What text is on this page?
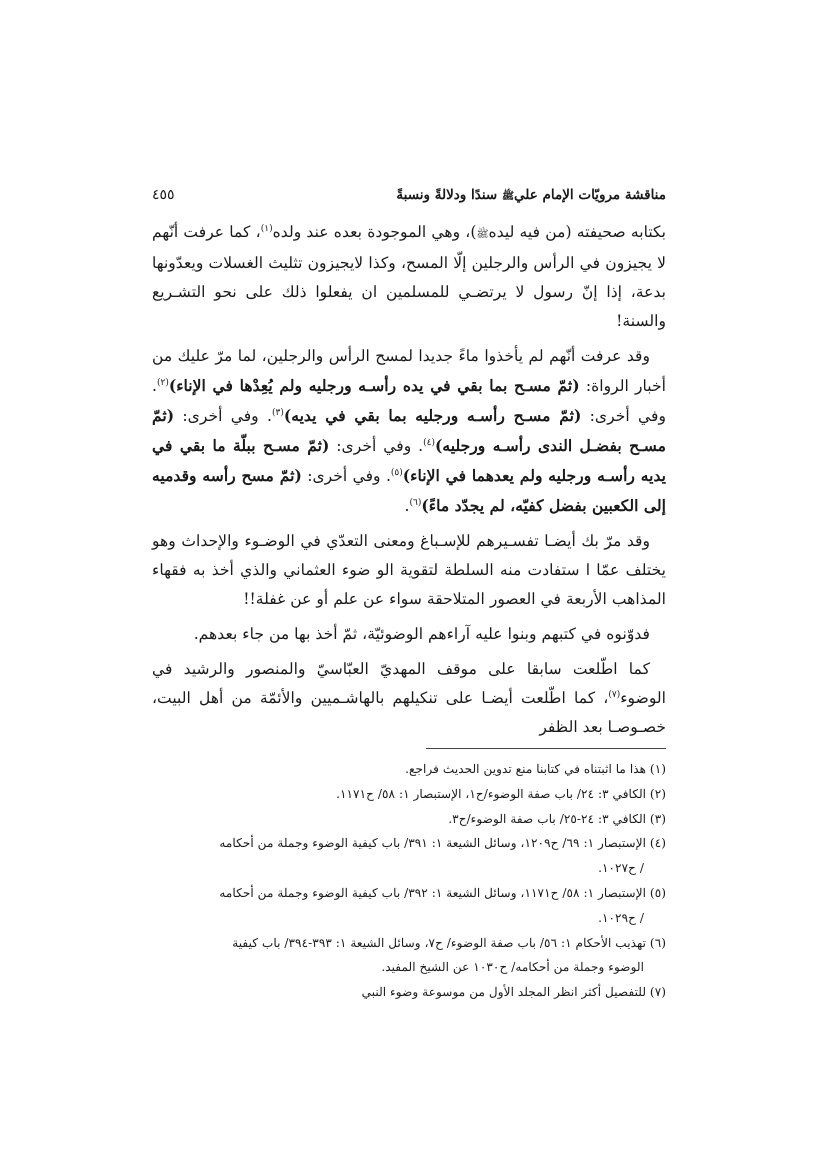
مناقشة مرويّات الإمام عليﷺ سندًا ودلالةً ونسبةً
٤٥٥

بكتابه صحيفته (من فيه ليدهﷺ)، وهي الموجودة بعده عند ولده$^{(١)}$، كما عرفت أنّهم لا يجيزون في الرأس والرجلين إلّا المسح، وكذا لايجيزون تثليث الغسلات ويعدّونها بدعة، إذا إنّ رسول لا يرتضـي للمسلمين ان يفعلوا ذلك على نحو التشـريع والسنة!

وقد عرفت أنّهم لم يأخذوا ماءً جديدا لمسح الرأس والرجلين، لما مرّ عليك من أخبار الرواة: (ثمّ مسـح بما بقي في يده رأسـه ورجليه ولم يُعِدْها في الإناء)$^{(٢)}$. وفي أخرى: (ثمّ مسـح رأسـه ورجليه بما بقي في يديه)$^{(٣)}$. وفي أخرى: (ثمّ مسـح بفضـل الندى رأسـه ورجليه)$^{(٤)}$. وفي أخرى: (ثمّ مسـح ببلّة ما بقي في يديه رأسـه ورجليه ولم يعدهما في الإناء)$^{(٥)}$. وفي أخرى: (ثمّ مسح رأسه وقدميه إلى الكعبين بفضل كفيّه، لم يجدّد ماءً)$^{(٦)}$.

وقد مرّ بك أيضـا تفسـيرهم للإسـباغ ومعنى التعدّي في الوضـوء والإحداث وهو يختلف عمّا ا ستفادت منه السلطة لتقوية الو ضوء العثماني والذي أخذ به فقهاء المذاهب الأربعة في العصور المتلاحقة سواء عن علم أو عن غفلة!!

فدوّنوه في كتبهم وبنوا عليه آراءهم الوضوئيّة، ثمّ أخذ بها من جاء بعدهم.

كما اطّلعت سابقا على موقف المهديّ العبّاسيّ والمنصور والرشيد في الوضوء$^{(٧)}$، كما اطّلعت أيضـا على تنكيلهم بالهاشـميين والأئمّة من أهل البيت، خصـوصـا بعد الظفر

(١) هذا ما اثبتناه في كتابنا منع تدوين الحديث فراجع.

(٢) الكافي ٣: ٢٤/ باب صفة الوضوء/ح١، الإستبصار ١: ٥٨/ ح١١٧١.

(٣) الكافي ٣: ٢٤-٢٥/ باب صفة الوضوء/ح٣.

(٤) الإستبصار ١: ٦٩/ ح١٢٠٩، وسائل الشيعة ١: ٣٩١/ باب كيفية الوضوء وجملة من أحكامه
/ ح١٠٢٧.

(٥) الإستبصار ١: ٥٨/ ح١١٧١، وسائل الشيعة ١: ٣٩٢/ باب كيفية الوضوء وجملة من أحكامه
/ ح١٠٢٩.

(٦) تهذيب الأحكام ١: ٥٦/ باب صفة الوضوء/ ح٧، وسائل الشيعة ١: ٣٩٣-٣٩٤/ باب كيفية
الوضوء وجملة من أحكامه/ ح١٠٣٠ عن الشيخ المفيد.

(٧) للتفصيل أكثر انظر المجلد الأول من موسوعة وضوء النبي
